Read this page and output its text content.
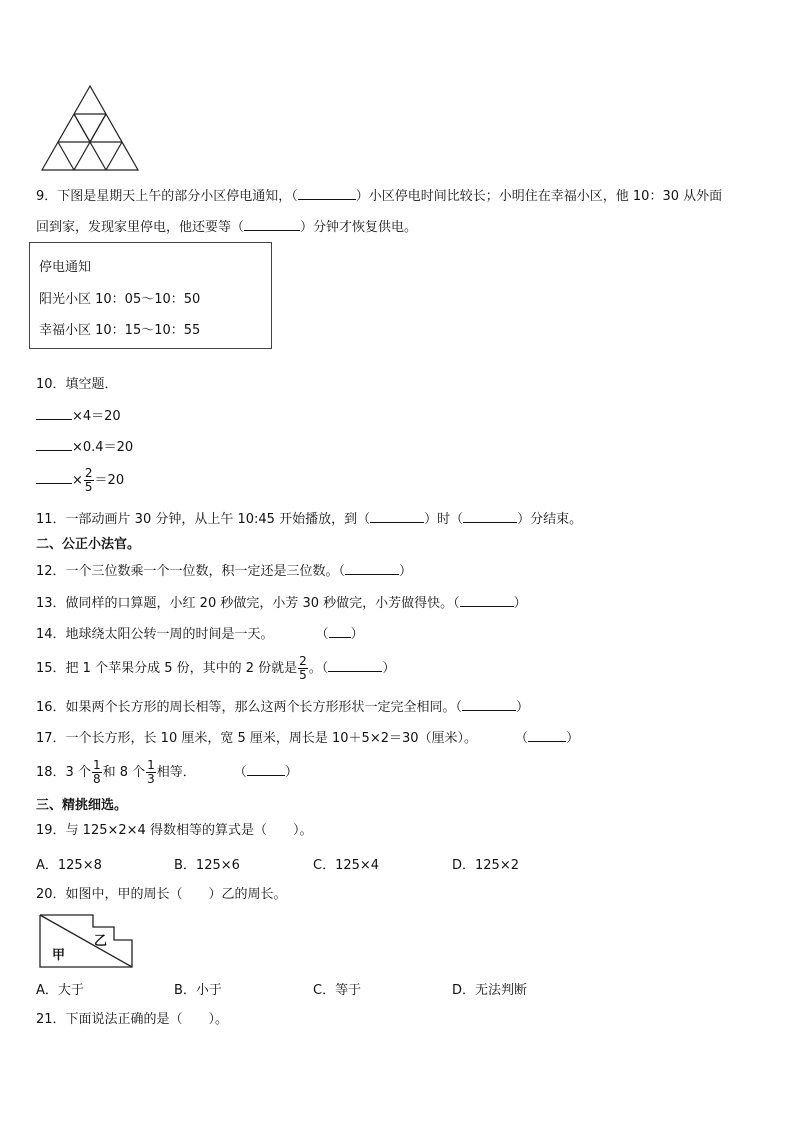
9．下图是星期天上午的部分小区停电通知，（	）小区停电时间比较长；小明住在幸福小区，他 10：30 从外面
回到家，发现家里停电，他还要等（	）分钟才恢复供电。
停电通知
阳光小区 10：05～10：50
幸福小区 10：15～10：55
10．填空题．
×4＝20
×0.4＝20
× $\frac{2}{5} =20$
11．一部动画片 30 分钟，从上午 10:45 开始播放，到（	）时（	）分结束。
二、公正小法官。
12．一个三位数乘一个一位数，积一定还是三位数。（	）
13．做同样的口算题，小红 20 秒做完，小芳 30 秒做完，小芳做得快。（	）
14．地球绕太阳公转一周的时间是一天。	（ ）
15．把 1 个苹果分成 5 份，其中的 2 份就是 $\frac{2}{5}$ 。（	）
16．如果两个长方形的周长相等，那么这两个长方形形状一定完全相同。（	）
17．一个长方形，长 10 厘米，宽 5 厘米，周长是 10＋5×2＝30（厘米）。	（	）
18．3 个 $\frac{1}{8}$ 和 8 个 $\frac{1}{3}$ 相等．	（	）
三、精挑细选。
19．与 125×2×4 得数相等的算式是（　　）。
A．125×8	B．125×6	C．125×4	D．125×2
20．如图中，甲的周长（　　）乙的周长。
甲
乙
A．大于	B．小于	C．等于	D．无法判断
21．下面说法正确的是（　　）。
